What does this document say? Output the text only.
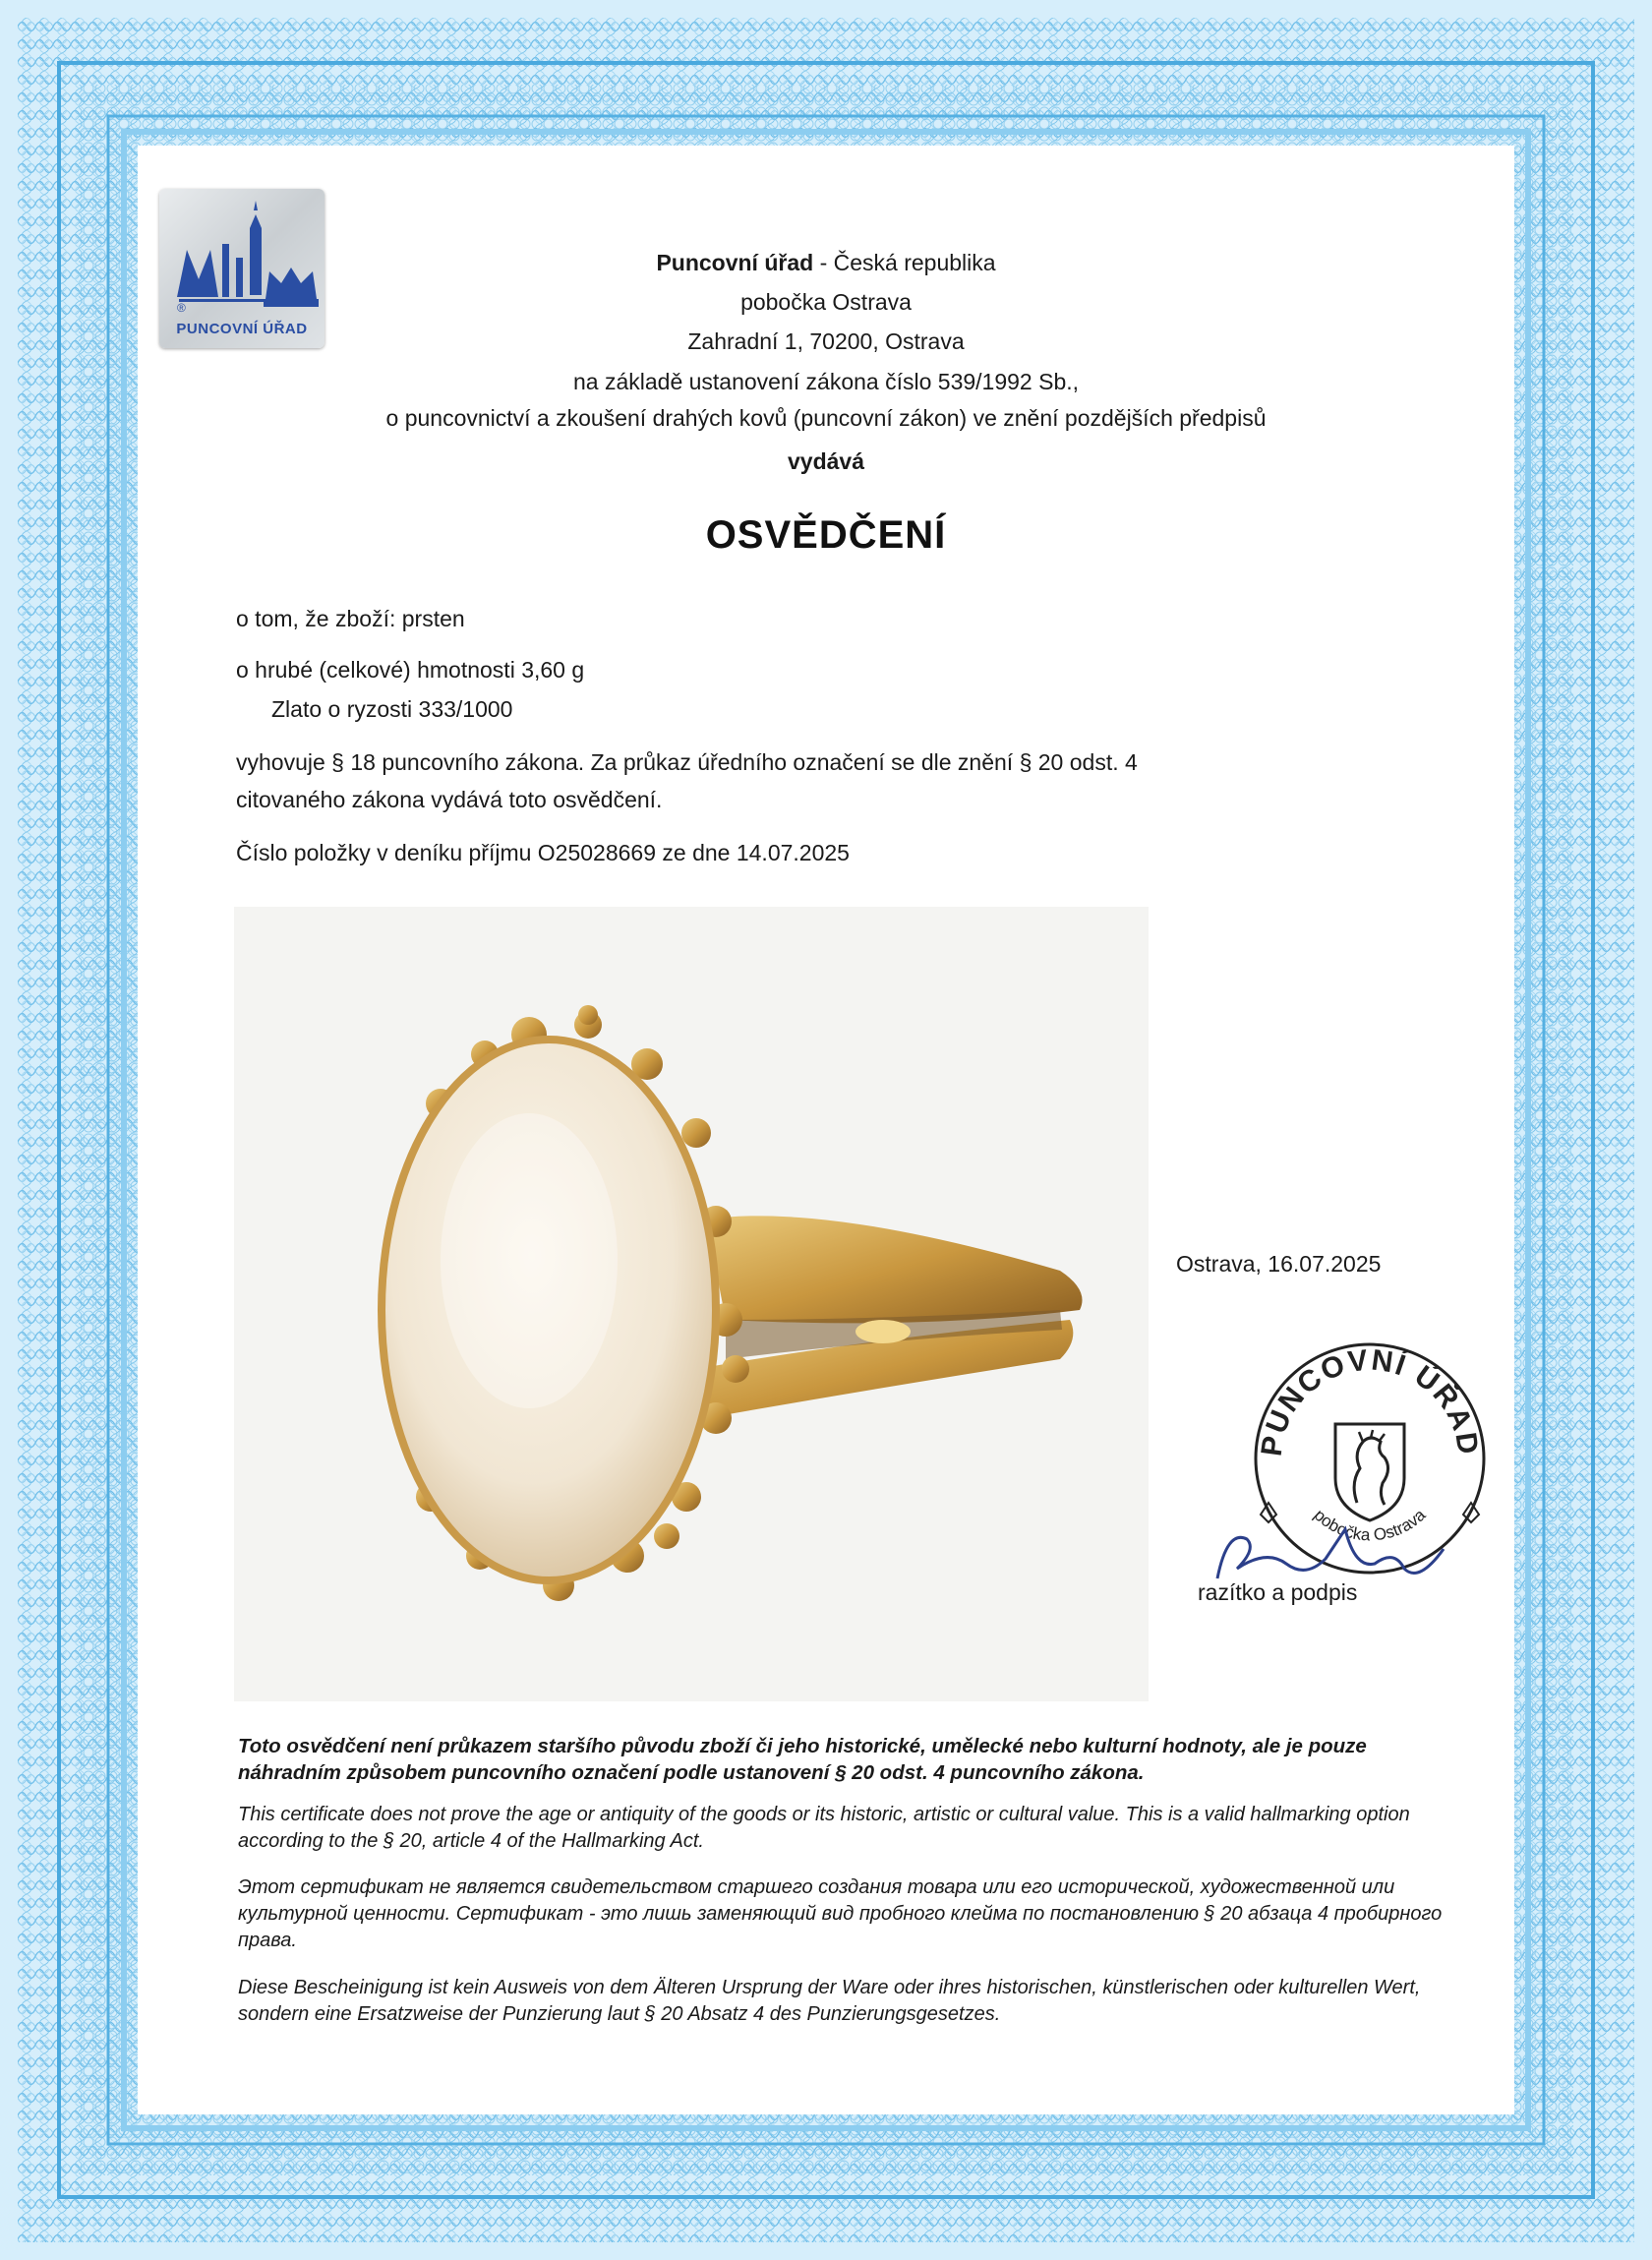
®
PUNCOVNÍ ÚŘAD
Puncovní úřad - Česká republika
pobočka Ostrava
Zahradní 1, 70200, Ostrava
na základě ustanovení zákona číslo 539/1992 Sb.,
o puncovnictví a zkoušení drahých kovů (puncovní zákon) ve znění pozdějších předpisů
vydává
OSVĚDČENÍ
o tom, že zboží: prsten
o hrubé (celkové) hmotnosti 3,60 g
Zlato o ryzosti 333/1000
vyhovuje § 18 puncovního zákona. Za průkaz úředního označení se dle znění § 20 odst. 4
citovaného zákona vydává toto osvědčení.
Číslo položky v deníku příjmu O25028669 ze dne 14.07.2025
Ostrava, 16.07.2025
PUNCOVNÍ ÚŘAD
pobočka Ostrava
razítko a podpis
Toto osvědčení není průkazem staršího původu zboží či jeho historické, umělecké nebo kulturní hodnoty, ale je pouze náhradním způsobem puncovního označení podle ustanovení § 20 odst. 4 puncovního zákona.
This certificate does not prove the age or antiquity of the goods or its historic, artistic or cultural value. This is a valid hallmarking option according to the § 20, article 4 of the Hallmarking Act.
Этот сертификат не является свидетельством старшего создания товара или его исторической, художественной или культурной ценности. Сертификат - это лишь заменяющий вид пробного клейма по постановлению § 20 абзаца 4 пробирного права.
Diese Bescheinigung ist kein Ausweis von dem Älteren Ursprung der Ware oder ihres historischen, künstlerischen oder kulturellen Wert, sondern eine Ersatzweise der Punzierung laut § 20 Absatz 4 des Punzierungsgesetzes.
